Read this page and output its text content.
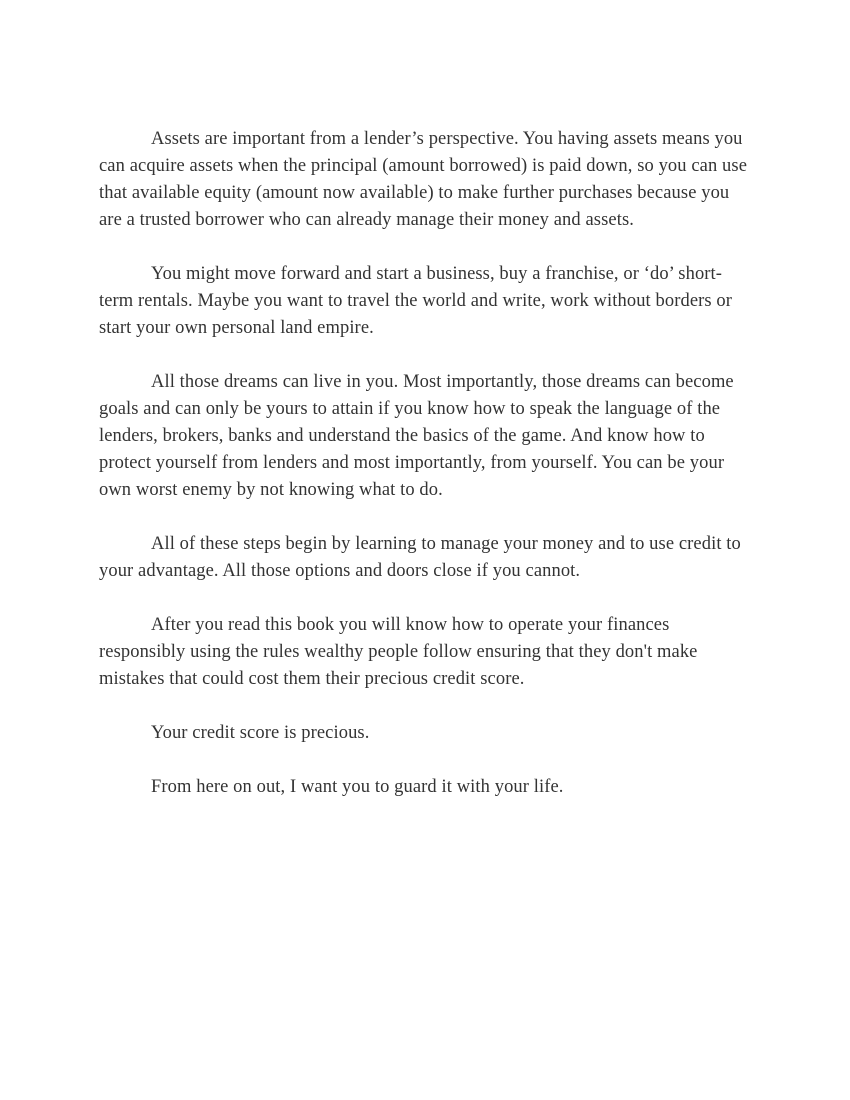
Assets are important from a lender’s perspective. You having assets means you can acquire assets when the principal (amount borrowed) is paid down, so you can use that available equity (amount now available) to make further purchases because you are a trusted borrower who can already manage their money and assets.

You might move forward and start a business, buy a franchise, or ‘do’ short-term rentals. Maybe you want to travel the world and write, work without borders or start your own personal land empire.

All those dreams can live in you. Most importantly, those dreams can become goals and can only be yours to attain if you know how to speak the language of the lenders, brokers, banks and understand the basics of the game. And know how to protect yourself from lenders and most importantly, from yourself. You can be your own worst enemy by not knowing what to do.

All of these steps begin by learning to manage your money and to use credit to your advantage. All those options and doors close if you cannot.

After you read this book you will know how to operate your finances responsibly using the rules wealthy people follow ensuring that they don't make mistakes that could cost them their precious credit score.

Your credit score is precious.

From here on out, I want you to guard it with your life.
